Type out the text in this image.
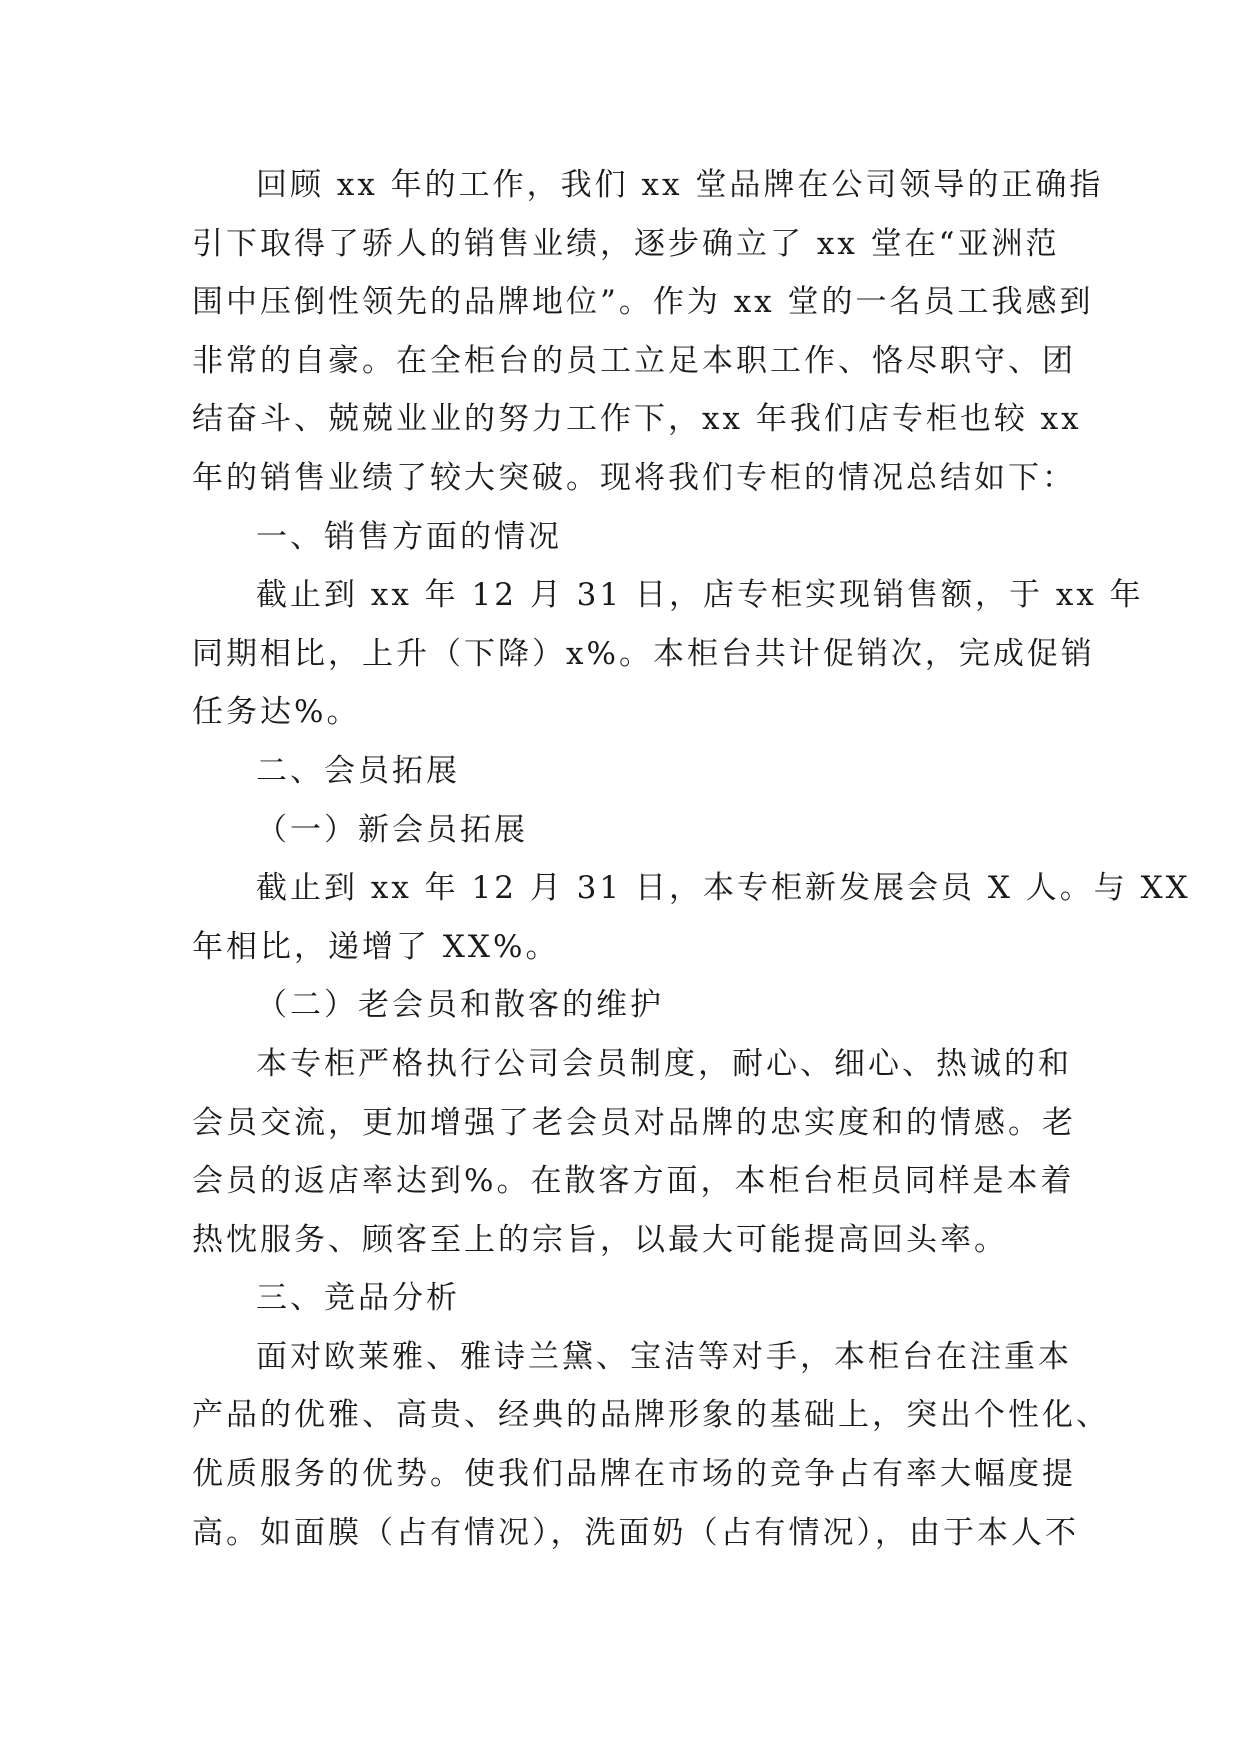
回顾 xx 年的工作，我们 xx 堂品牌在公司领导的正确指
引下取得了骄人的销售业绩，逐步确立了 xx 堂在“亚洲范
围中压倒性领先的品牌地位”。作为 xx 堂的一名员工我感到
非常的自豪。在全柜台的员工立足本职工作、恪尽职守、团
结奋斗、兢兢业业的努力工作下，xx 年我们店专柜也较 xx
年的销售业绩了较大突破。现将我们专柜的情况总结如下：
一、销售方面的情况
截止到 xx 年 12 月 31 日，店专柜实现销售额，于 xx 年
同期相比，上升（下降）x%。本柜台共计促销次，完成促销
任务达%。
二、会员拓展
（一）新会员拓展
截止到 xx 年 12 月 31 日，本专柜新发展会员 X 人。与 XX
年相比，递增了 XX%。
（二）老会员和散客的维护
本专柜严格执行公司会员制度，耐心、细心、热诚的和
会员交流，更加增强了老会员对品牌的忠实度和的情感。老
会员的返店率达到%。在散客方面，本柜台柜员同样是本着
热忱服务、顾客至上的宗旨，以最大可能提高回头率。
三、竞品分析
面对欧莱雅、雅诗兰黛、宝洁等对手，本柜台在注重本
产品的优雅、高贵、经典的品牌形象的基础上，突出个性化、
优质服务的优势。使我们品牌在市场的竞争占有率大幅度提
高。如面膜（占有情况），洗面奶（占有情况），由于本人不
